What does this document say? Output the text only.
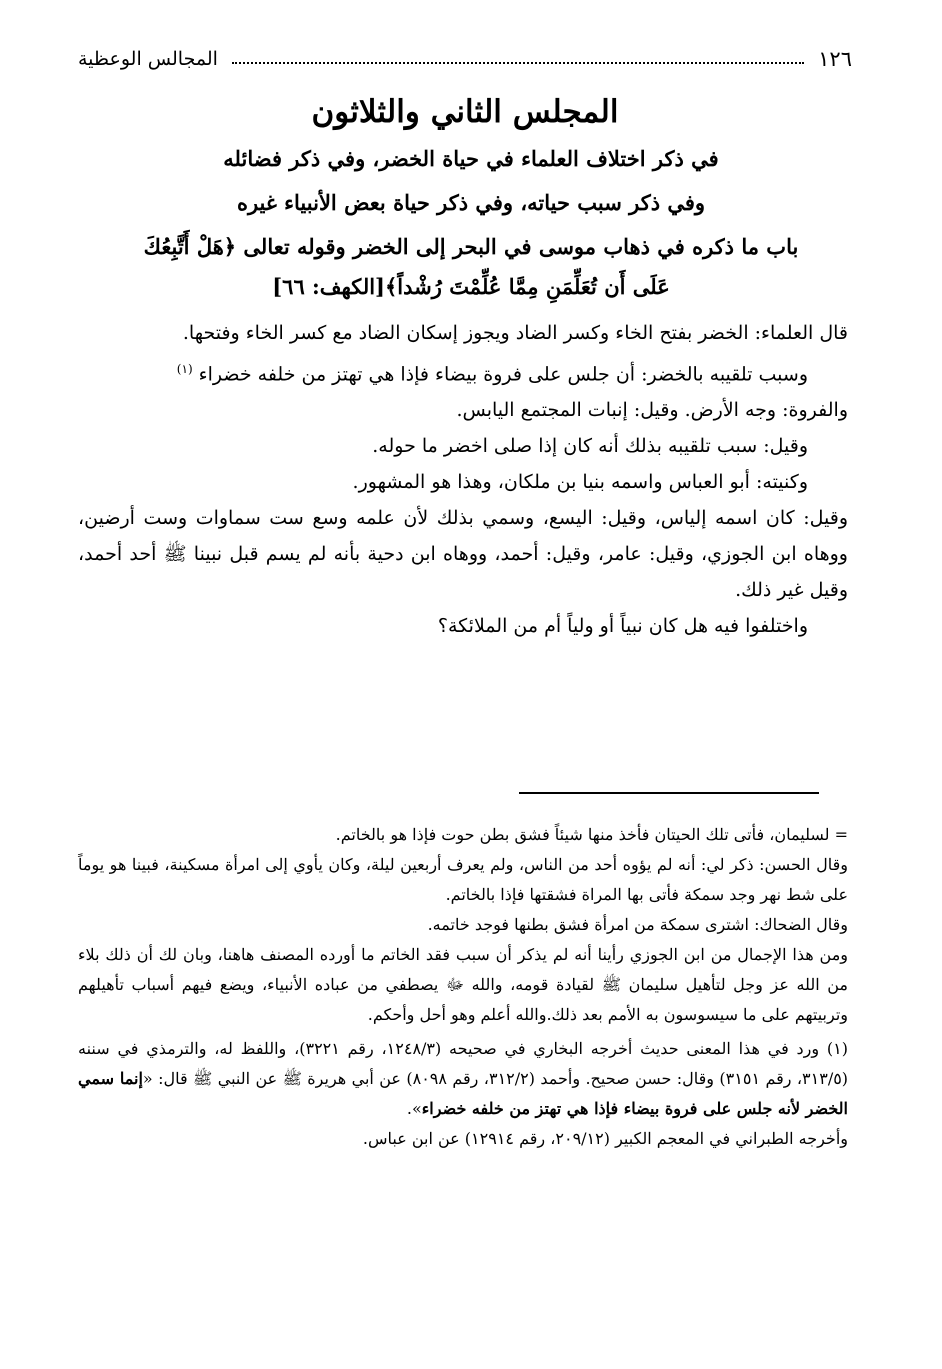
١٢٦
المجالس الوعظية
المجلس الثاني والثلاثون
في ذكر اختلاف العلماء في حياة الخضر، وفي ذكر فضائله
وفي ذكر سبب حياته، وفي ذكر حياة بعض الأنبياء غيره
باب ما ذكره في ذهاب موسى في البحر إلى الخضر وقوله تعالى ﴿هَلْ أَتَّبِعُكَ
عَلَى أَن تُعَلِّمَنِ مِمَّا عُلِّمْتَ رُشْداً﴾[الكهف: ٦٦]

قال العلماء: الخضر بفتح الخاء وكسر الضاد ويجوز إسكان الضاد مع كسر الخاء وفتحها.

وسبب تلقيبه بالخضر: أن جلس على فروة بيضاء فإذا هي تهتز من خلفه خضراء $^{(١)}$

والفروة: وجه الأرض. وقيل: إنبات المجتمع اليابس.

وقيل: سبب تلقيبه بذلك أنه كان إذا صلى اخضر ما حوله.

وكنيته: أبو العباس واسمه بنيا بن ملكان، وهذا هو المشهور.

وقيل: كان اسمه إلياس، وقيل: اليسع، وسمي بذلك لأن علمه وسع ست سماوات وست أرضين، ووهاه ابن الجوزي، وقيل: عامر، وقيل: أحمد، ووهاه ابن دحية بأنه لم يسم قبل نبينا ﷺ أحد أحمد، وقيل غير ذلك.

واختلفوا فيه هل كان نبياً أو ولياً أم من الملائكة؟

= لسليمان، فأتى تلك الحيتان فأخذ منها شيئاً فشق بطن حوت فإذا هو بالخاتم.

وقال الحسن: ذكر لي: أنه لم يؤوه أحد من الناس، ولم يعرف أربعين ليلة، وكان يأوي إلى امرأة مسكينة، فبينا هو يوماً على شط نهر وجد سمكة فأتى بها المراة فشقتها فإذا بالخاتم.

وقال الضحاك: اشترى سمكة من امرأة فشق بطنها فوجد خاتمه.

ومن هذا الإجمال من ابن الجوزي رأينا أنه لم يذكر أن سبب فقد الخاتم ما أورده المصنف هاهنا، وبان لك أن ذلك بلاء من الله عز وجل لتأهيل سليمان ﷺ لقيادة قومه، والله ﷻ يصطفي من عباده الأنبياء، ويضع فيهم أسباب تأهيلهم وتربيتهم على ما سيسوسون به الأمم بعد ذلك.والله أعلم وهو أحل وأحكم.

(١) ورد في هذا المعنى حديث أخرجه البخاري في صحيحه (١٢٤٨/٣، رقم ٣٢٢١)، واللفظ له، والترمذي في سننه (٣١٣/٥، رقم ٣١٥١) وقال: حسن صحيح. وأحمد (٣١٢/٢، رقم ٨٠٩٨) عن أبي هريرة ﷺ عن النبي ﷺ قال: «إنما سمي الخضر لأنه جلس على فروة بيضاء فإذا هي تهتز من خلفه خضراء».

وأخرجه الطبراني في المعجم الكبير (٢٠٩/١٢، رقم ١٢٩١٤) عن ابن عباس.
